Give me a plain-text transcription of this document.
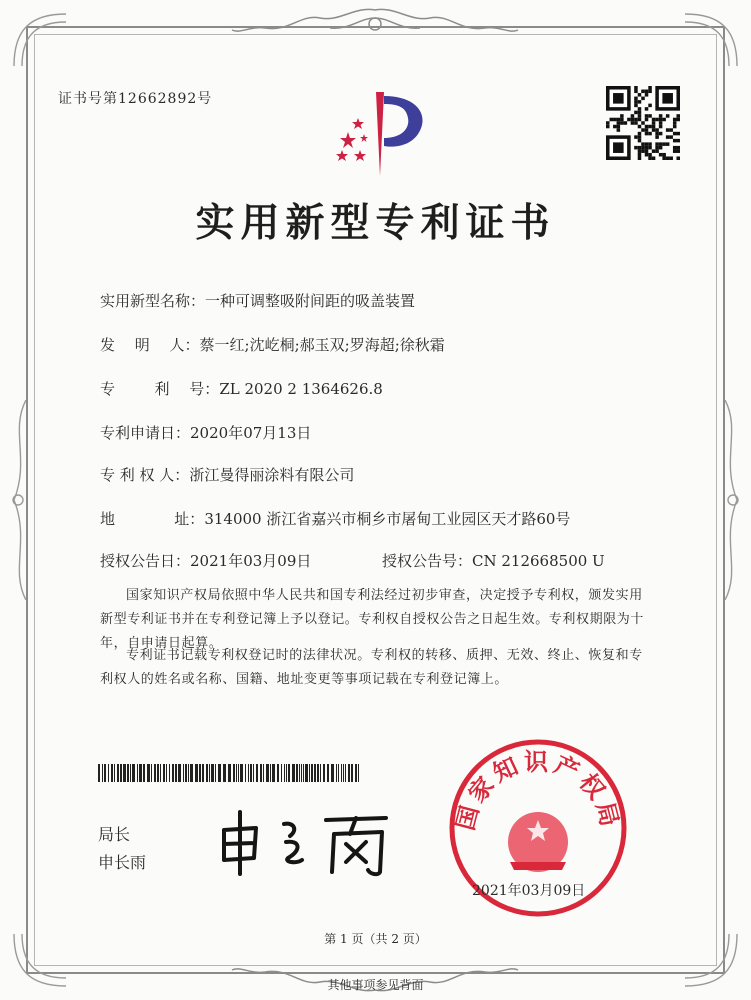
证书号第12662892号
实用新型专利证书
实用新型名称：一种可调整吸附间距的吸盖装置
发　 明　 人：蔡一红;沈屹桐;郝玉双;罗海超;徐秋霜
专　 　 利　 号：ZL 2020 2 1364626.8
专利申请日：2020年07月13日
专 利 权 人：浙江曼得丽涂料有限公司
地　 　 　 址：314000 浙江省嘉兴市桐乡市屠甸工业园区天才路60号
授权公告日：2021年03月09日	授权公告号：CN 212668500 U
国家知识产权局依照中华人民共和国专利法经过初步审查，决定授予专利权，颁发实用新型专利证书并在专利登记簿上予以登记。专利权自授权公告之日起生效。专利权期限为十年，自申请日起算。
专利证书记载专利权登记时的法律状况。专利权的转移、质押、无效、终止、恢复和专利权人的姓名或名称、国籍、地址变更等事项记载在专利登记簿上。
局长
申长雨
国家知识产权局
2021年03月09日
第 1 页（共 2 页）
其他事项参见背面
